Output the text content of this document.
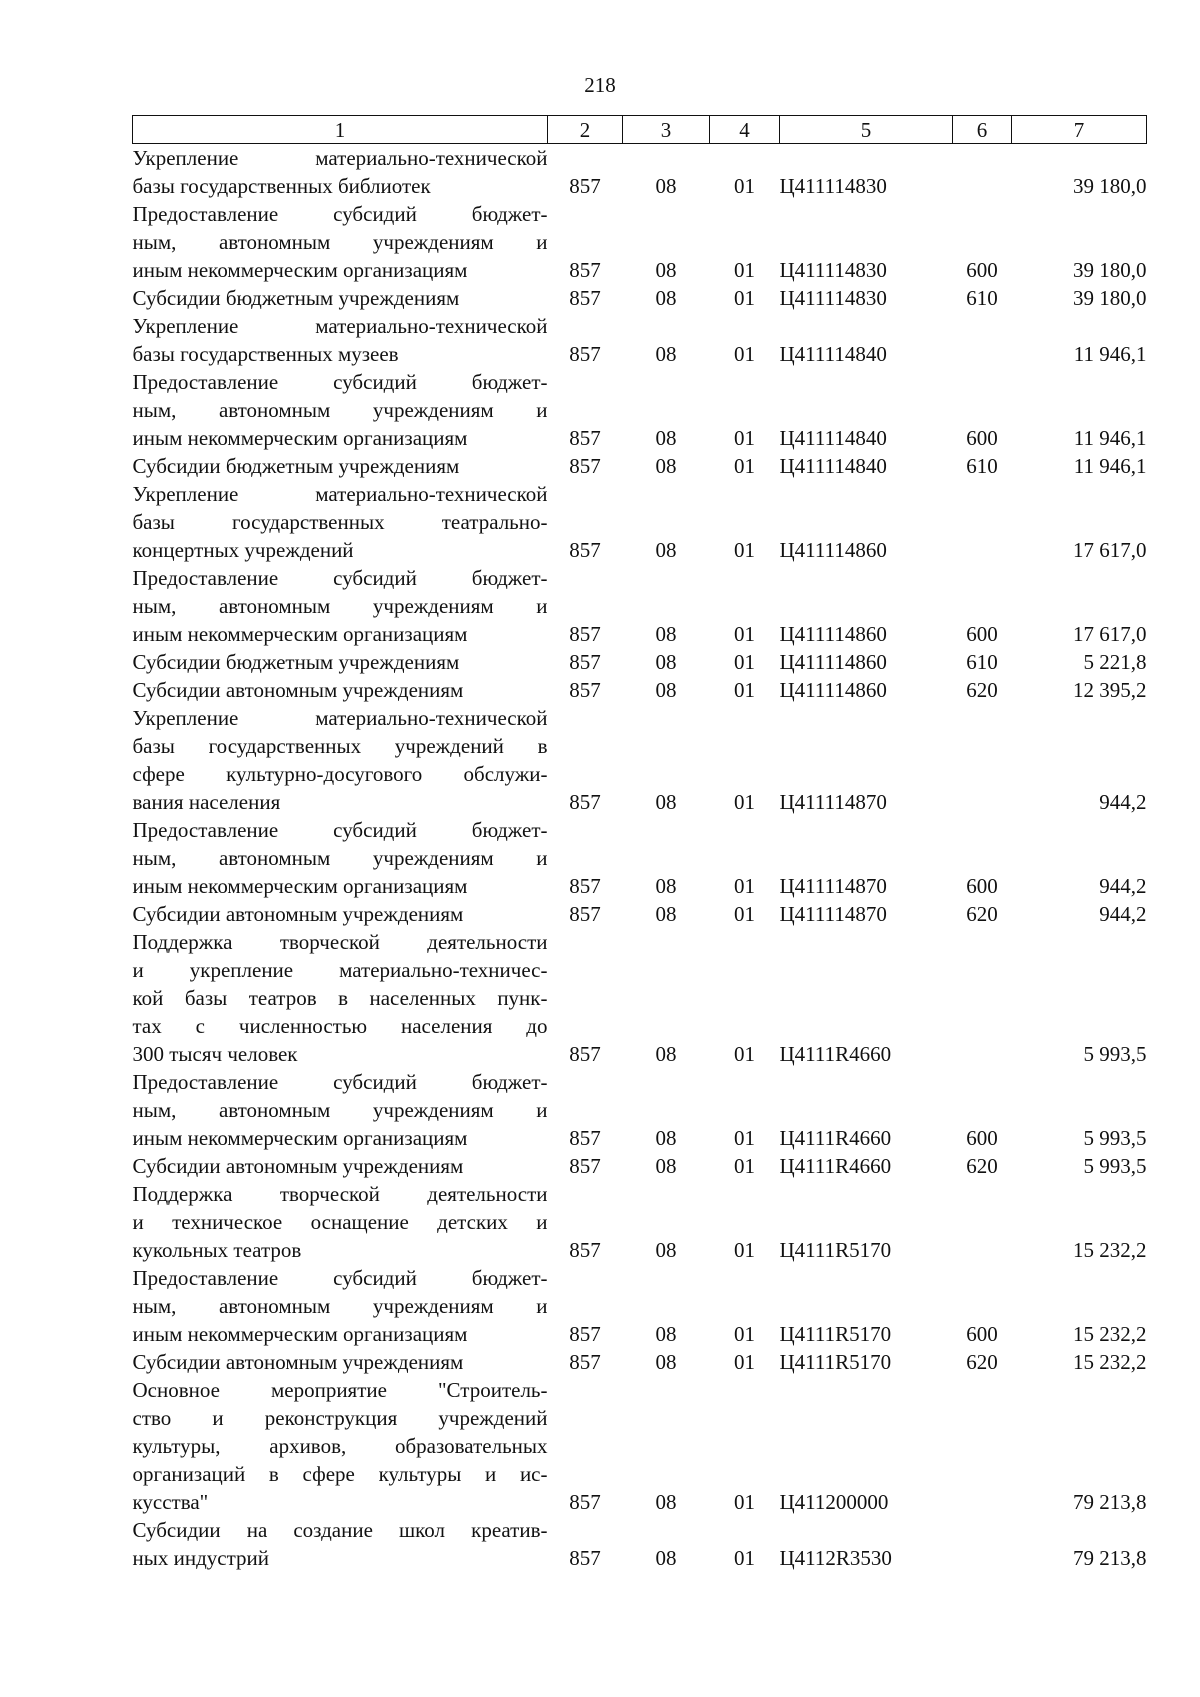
218
1	2	3	4	5	6	7

Укрепление материально-технической
базы государственных библиотек	857	08	01	Ц411114830		39 180,0

Предоставление субсидий бюджет-
ным, автономным учреждениям и
иным некоммерческим организациям	857	08	01	Ц411114830	600	39 180,0

Субсидии бюджетным учреждениям	857	08	01	Ц411114830	610	39 180,0

Укрепление материально-технической
базы государственных музеев	857	08	01	Ц411114840		11 946,1

Предоставление субсидий бюджет-
ным, автономным учреждениям и
иным некоммерческим организациям	857	08	01	Ц411114840	600	11 946,1

Субсидии бюджетным учреждениям	857	08	01	Ц411114840	610	11 946,1

Укрепление материально-технической
базы государственных театрально-
концертных учреждений	857	08	01	Ц411114860		17 617,0

Предоставление субсидий бюджет-
ным, автономным учреждениям и
иным некоммерческим организациям	857	08	01	Ц411114860	600	17 617,0

Субсидии бюджетным учреждениям	857	08	01	Ц411114860	610	5 221,8

Субсидии автономным учреждениям	857	08	01	Ц411114860	620	12 395,2

Укрепление материально-технической
базы государственных учреждений в
сфере культурно-досугового обслужи-
вания населения	857	08	01	Ц411114870		944,2

Предоставление субсидий бюджет-
ным, автономным учреждениям и
иным некоммерческим организациям	857	08	01	Ц411114870	600	944,2

Субсидии автономным учреждениям	857	08	01	Ц411114870	620	944,2

Поддержка творческой деятельности
и укрепление материально-техничес-
кой базы театров в населенных пунк-
тах с численностью населения до
300 тысяч человек	857	08	01	Ц4111R4660		5 993,5

Предоставление субсидий бюджет-
ным, автономным учреждениям и
иным некоммерческим организациям	857	08	01	Ц4111R4660	600	5 993,5

Субсидии автономным учреждениям	857	08	01	Ц4111R4660	620	5 993,5

Поддержка творческой деятельности
и техническое оснащение детских и
кукольных театров	857	08	01	Ц4111R5170		15 232,2

Предоставление субсидий бюджет-
ным, автономным учреждениям и
иным некоммерческим организациям	857	08	01	Ц4111R5170	600	15 232,2

Субсидии автономным учреждениям	857	08	01	Ц4111R5170	620	15 232,2

Основное мероприятие "Строитель-
ство и реконструкция учреждений
культуры, архивов, образовательных
организаций в сфере культуры и ис-
кусства"	857	08	01	Ц411200000		79 213,8

Субсидии на создание школ креатив-
ных индустрий	857	08	01	Ц4112R3530		79 213,8
